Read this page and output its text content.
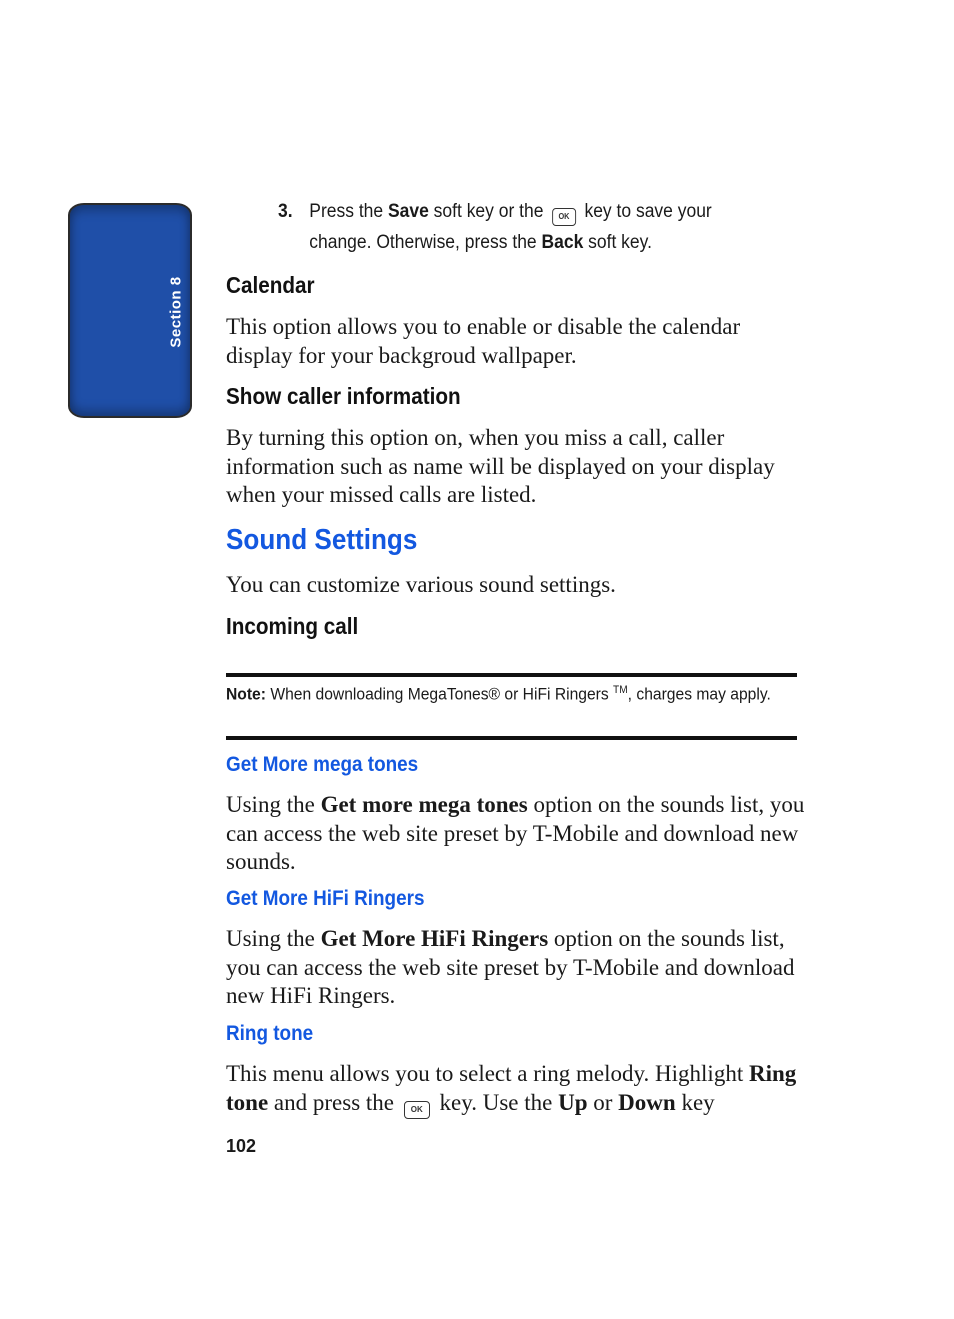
Section 8
3. Press the Save soft key or the OK key to save your change. Otherwise, press the Back soft key.
Calendar

This option allows you to enable or disable the calendar display for your backgroud wallpaper.

Show caller information

By turning this option on, when you miss a call, caller information such as name will be displayed on your display when your missed calls are listed.

Sound Settings

You can customize various sound settings.

Incoming call
Note: When downloading MegaTones® or HiFi Ringers ™, charges may apply.
Get More mega tones

Using the Get more mega tones option on the sounds list, you can access the web site preset by T-Mobile and download new sounds.

Get More HiFi Ringers

Using the Get More HiFi Ringers option on the sounds list, you can access the web site preset by T-Mobile and download new HiFi Ringers.

Ring tone

This menu allows you to select a ring melody. Highlight Ring tone and press the OK key. Use the Up or Down key

102
